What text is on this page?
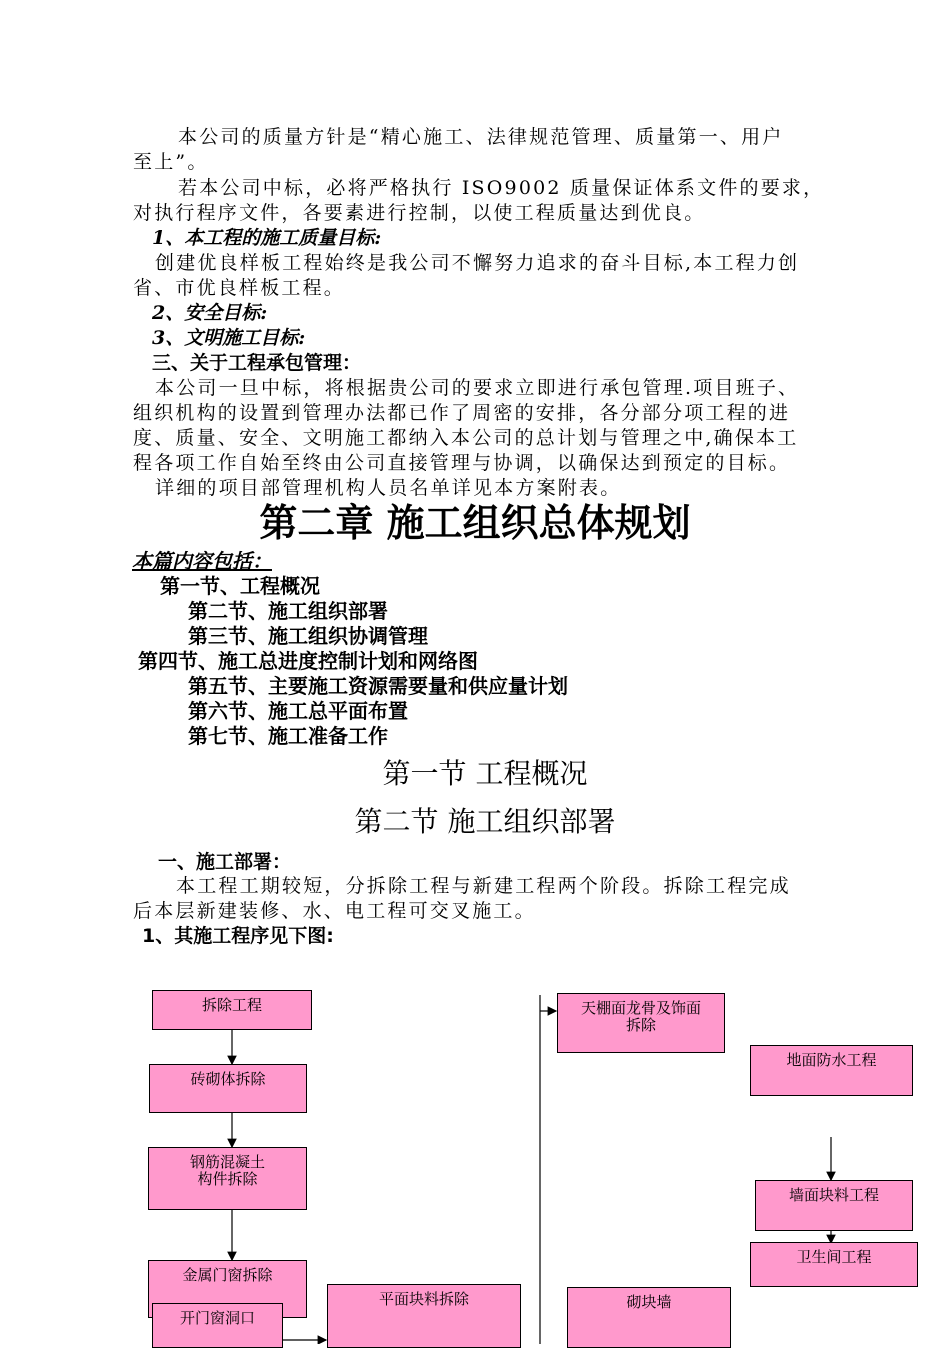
本公司的质量方针是“精心施工、法律规范管理、质量第一、用户
至上”。
若本公司中标，必将严格执行 ISO9002 质量保证体系文件的要求，
对执行程序文件，各要素进行控制，以使工程质量达到优良。
1、本工程的施工质量目标:
创建优良样板工程始终是我公司不懈努力追求的奋斗目标,本工程力创
省、市优良样板工程。
2、安全目标:
3、文明施工目标:
三、关于工程承包管理：
本公司一旦中标，将根据贵公司的要求立即进行承包管理.项目班子、
组织机构的设置到管理办法都已作了周密的安排，各分部分项工程的进
度、质量、安全、文明施工都纳入本公司的总计划与管理之中,确保本工
程各项工作自始至终由公司直接管理与协调，以确保达到预定的目标。
详细的项目部管理机构人员名单详见本方案附表。
第二章 施工组织总体规划
本篇内容包括：
第一节、工程概况
第二节、施工组织部署
第三节、施工组织协调管理
第四节、施工总进度控制计划和网络图
第五节、主要施工资源需要量和供应量计划
第六节、施工总平面布置
第七节、施工准备工作
第一节 工程概况
第二节 施工组织部署
一、施工部署：
本工程工期较短，分拆除工程与新建工程两个阶段。拆除工程完成
后本层新建装修、水、电工程可交叉施工。
1、其施工程序见下图:
拆除工程
砖砌体拆除
钢筋混凝土
构件拆除
金属门窗拆除
开门窗洞口
平面块料拆除
天棚面龙骨及饰面
拆除
砌块墙
地面防水工程
墙面块料工程
卫生间工程
